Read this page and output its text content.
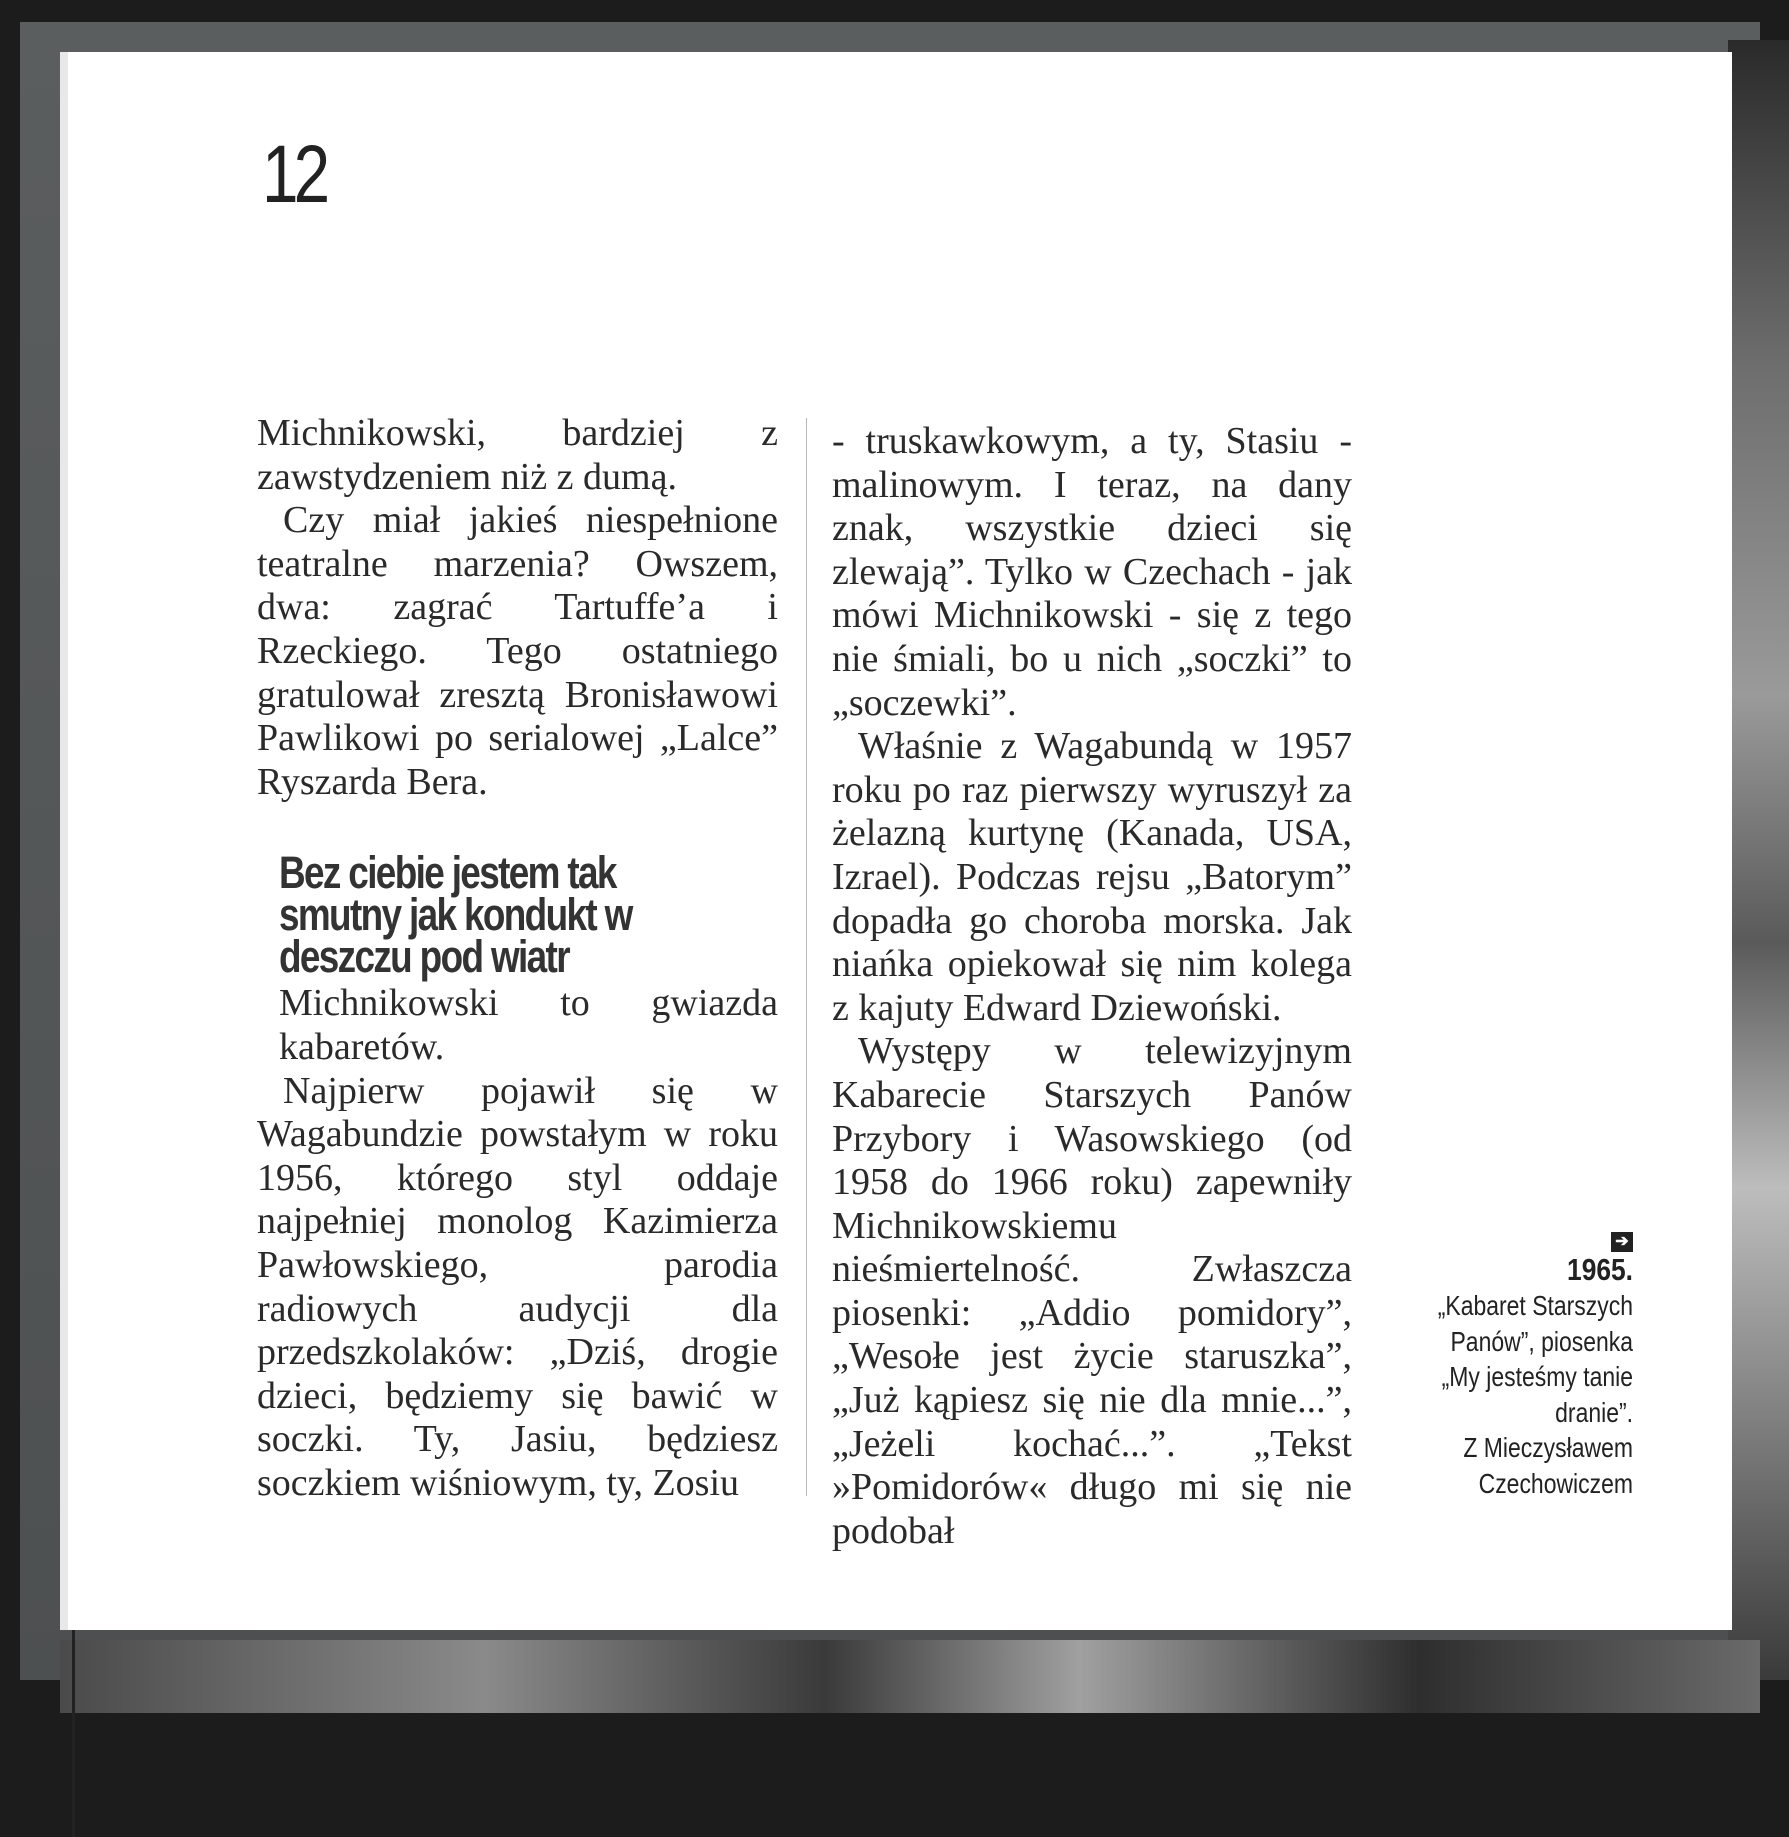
12

Michnikowski, bardziej z zawstydzeniem niż z dumą.

Czy miał jakieś niespełnione teatralne marzenia? Owszem, dwa: zagrać Tartuffe’a i Rzeckiego. Tego ostatniego gratulował zresztą Bronisławowi Pawlikowi po serialowej „Lalce” Ryszarda Bera.

Bez ciebie jestem tak smutny jak kondukt w deszczu pod wiatr

Michnikowski to gwiazda kabaretów.

Najpierw pojawił się w Wagabundzie powstałym w roku 1956, którego styl oddaje najpełniej monolog Kazimierza Pawłowskiego, parodia radiowych audycji dla przedszkolaków: „Dziś, drogie dzieci, będziemy się bawić w soczki. Ty, Jasiu, będziesz soczkiem wiśniowym, ty, Zosiu

- truskawkowym, a ty, Stasiu - malinowym. I teraz, na dany znak, wszystkie dzieci się zlewają”. Tylko w Czechach - jak mówi Michnikowski - się z tego nie śmiali, bo u nich „soczki” to „soczewki”.

Właśnie z Wagabundą w 1957 roku po raz pierwszy wyruszył za żelazną kurtynę (Kanada, USA, Izrael). Podczas rejsu „Batorym” dopadła go choroba morska. Jak niańka opiekował się nim kolega z kajuty Edward Dziewoński.

Występy w telewizyjnym Kabarecie Starszych Panów Przybory i Wasowskiego (od 1958 do 1966 roku) zapewniły Michnikowskiemu nieśmiertelność. Zwłaszcza piosenki: „Addio pomidory”, „Wesołe jest życie staruszka”, „Już kąpiesz się nie dla mnie...”, „Jeżeli kochać...”. „Tekst »Pomidorów« długo mi się nie podobał

➔
1965.
„Kabaret Starszych
Panów”, piosenka
„My jesteśmy tanie
dranie”.
Z Mieczysławem
Czechowiczem
